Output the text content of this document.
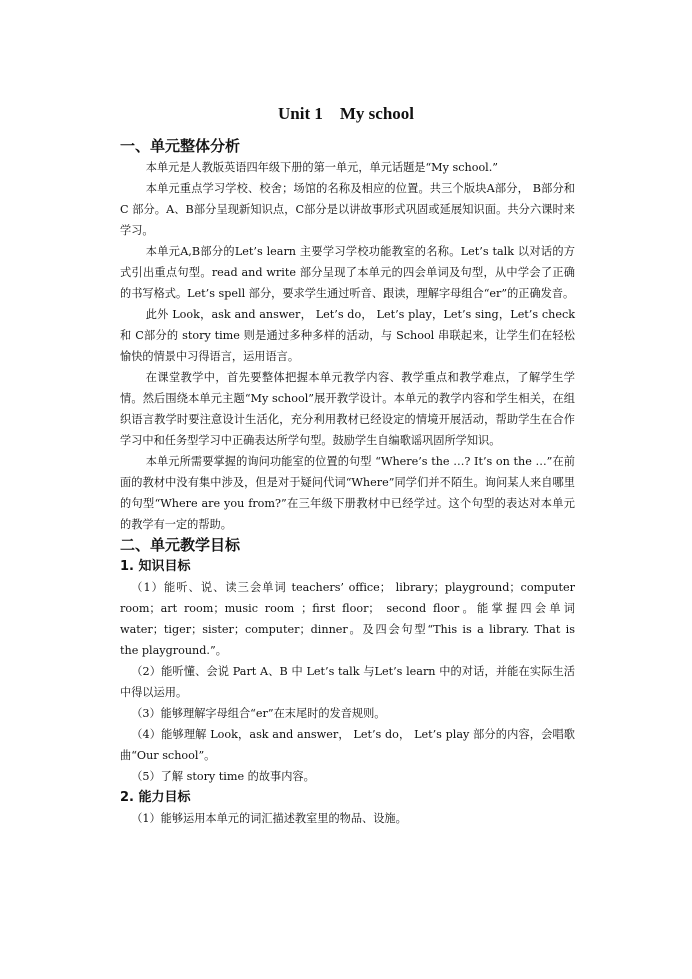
Unit 1    My school
一、单元整体分析

本单元是人教版英语四年级下册的第一单元，单元话题是“My school.”

本单元重点学习学校、校舍；场馆的名称及相应的位置。共三个版块A部分， B部分和C 部分。A、B部分呈现新知识点，C部分是以讲故事形式巩固或延展知识面。共分六课时来学习。

本单元A,B部分的Let’s learn 主要学习学校功能教室的名称。Let’s talk 以对话的方式引出重点句型。read and write 部分呈现了本单元的四会单词及句型，从中学会了正确的书写格式。Let’s spell 部分，要求学生通过听音、跟读，理解字母组合“er”的正确发音。

此外 Look，ask and answer， Let’s do， Let’s play，Let’s sing，Let’s check和 C部分的 story time 则是通过多种多样的活动，与 School 串联起来，让学生们在轻松愉快的情景中习得语言，运用语言。

在课堂教学中，首先要整体把握本单元教学内容、教学重点和教学难点，了解学生学情。然后围绕本单元主题“My school”展开教学设计。本单元的教学内容和学生相关，在组织语言教学时要注意设计生活化，充分利用教材已经设定的情境开展活动，帮助学生在合作学习中和任务型学习中正确表达所学句型。鼓励学生自编歌谣巩固所学知识。

本单元所需要掌握的询问功能室的位置的句型 “Where’s the …? It’s on the …”在前面的教材中没有集中涉及，但是对于疑问代词“Where”同学们并不陌生。询问某人来自哪里的句型“Where are you from?”在三年级下册教材中已经学过。这个句型的表达对本单元的教学有一定的帮助。

二、单元教学目标
1. 知识目标

（1）能听、说、读三会单词 teachers’ office； library；playground；computer room；art room；music room ；first floor； second floor。能掌握四会单词 water；tiger；sister；computer；dinner。及四会句型“This is a library. That is the playground.”。

（2）能听懂、会说 Part A、B 中 Let’s talk 与Let’s learn 中的对话，并能在实际生活中得以运用。

（3）能够理解字母组合“er”在末尾时的发音规则。

（4）能够理解 Look，ask and answer， Let’s do， Let’s play 部分的内容，会唱歌曲“Our school”。

（5）了解 story time 的故事内容。

2. 能力目标

（1）能够运用本单元的词汇描述教室里的物品、设施。
